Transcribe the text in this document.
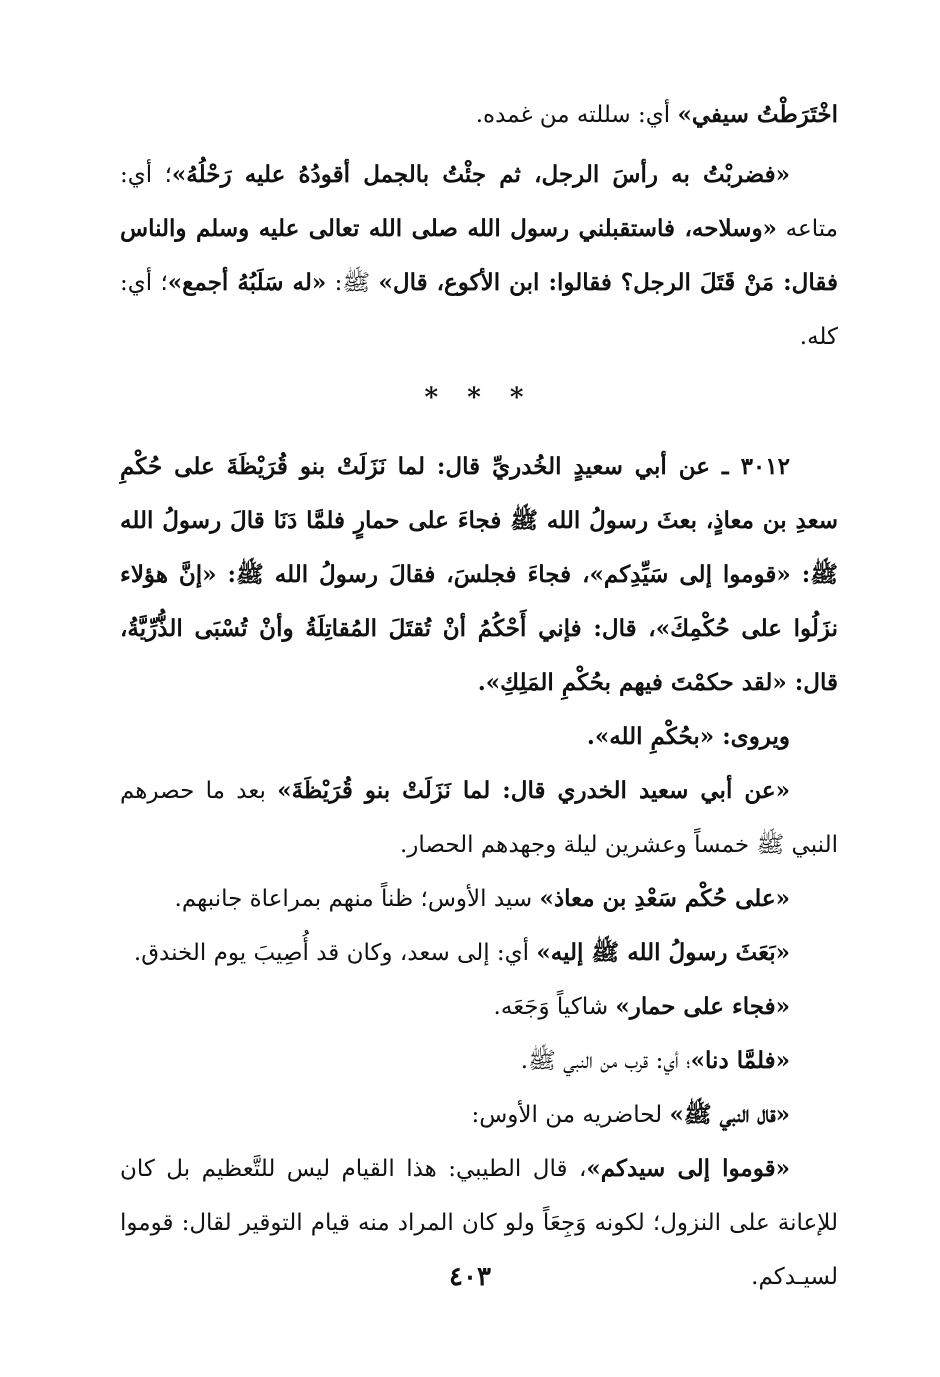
اخْتَرَطْتُ سيفي» أي: سللته من غمده.

«فضربْتُ به رأسَ الرجل، ثم جئْتُ بالجمل أقودُهُ عليه رَحْلُهُ»؛ أي: متاعه «وسلاحه، فاستقبلني رسول الله صلى الله تعالى عليه وسلم والناس فقال: مَنْ قَتَلَ الرجل؟ فقالوا: ابن الأكوع، قال» ﷺ: «له سَلَبُهُ أجمع»؛ أي: كله.

* * *

٣٠١٢ ـ عن أبي سعيدٍ الخُدريِّ قال: لما نَزَلَتْ بنو قُرَيْظَةَ على حُكْمِ سعدِ بن معاذٍ، بعثَ رسولُ الله ﷺ فجاءَ على حمارٍ فلمَّا دَنَا قالَ رسولُ الله ﷺ: «قوموا إلى سَيِّدِكم»، فجاءَ فجلسَ، فقالَ رسولُ الله ﷺ: «إنَّ هؤلاء نزَلُوا على حُكْمِكَ»، قال: فإني أَحْكُمُ أنْ تُقتَلَ المُقاتِلَةُ وأنْ تُسْبَى الذُّرِّيَّةُ، قال: «لقد حكمْتَ فيهم بحُكْمِ المَلِكِ».

ويروى: «بحُكْمِ الله».

«عن أبي سعيد الخدري قال: لما نَزَلَتْ بنو قُرَيْظَةَ» بعد ما حصرهم النبي ﷺ خمساً وعشرين ليلة وجهدهم الحصار.

«على حُكْم سَعْدِ بن معاذ» سيد الأوس؛ ظناً منهم بمراعاة جانبهم.

«بَعَثَ رسولُ الله ﷺ إليه» أي: إلى سعد، وكان قد أُصِيبَ يوم الخندق.

«فجاء على حمار» شاكياً وَجَعَه.

«فلمَّا دنا»؛ أي: قرب من النبي ﷺ.

«قال النبي ﷺ» لحاضريه من الأوس:

«قوموا إلى سيدكم»، قال الطيبي: هذا القيام ليس للتَّعظيم بل كان للإعانة على النزول؛ لكونه وَجِعَاً ولو كان المراد منه قيام التوقير لقال: قوموا لسيـدكم.

٤٠٣
